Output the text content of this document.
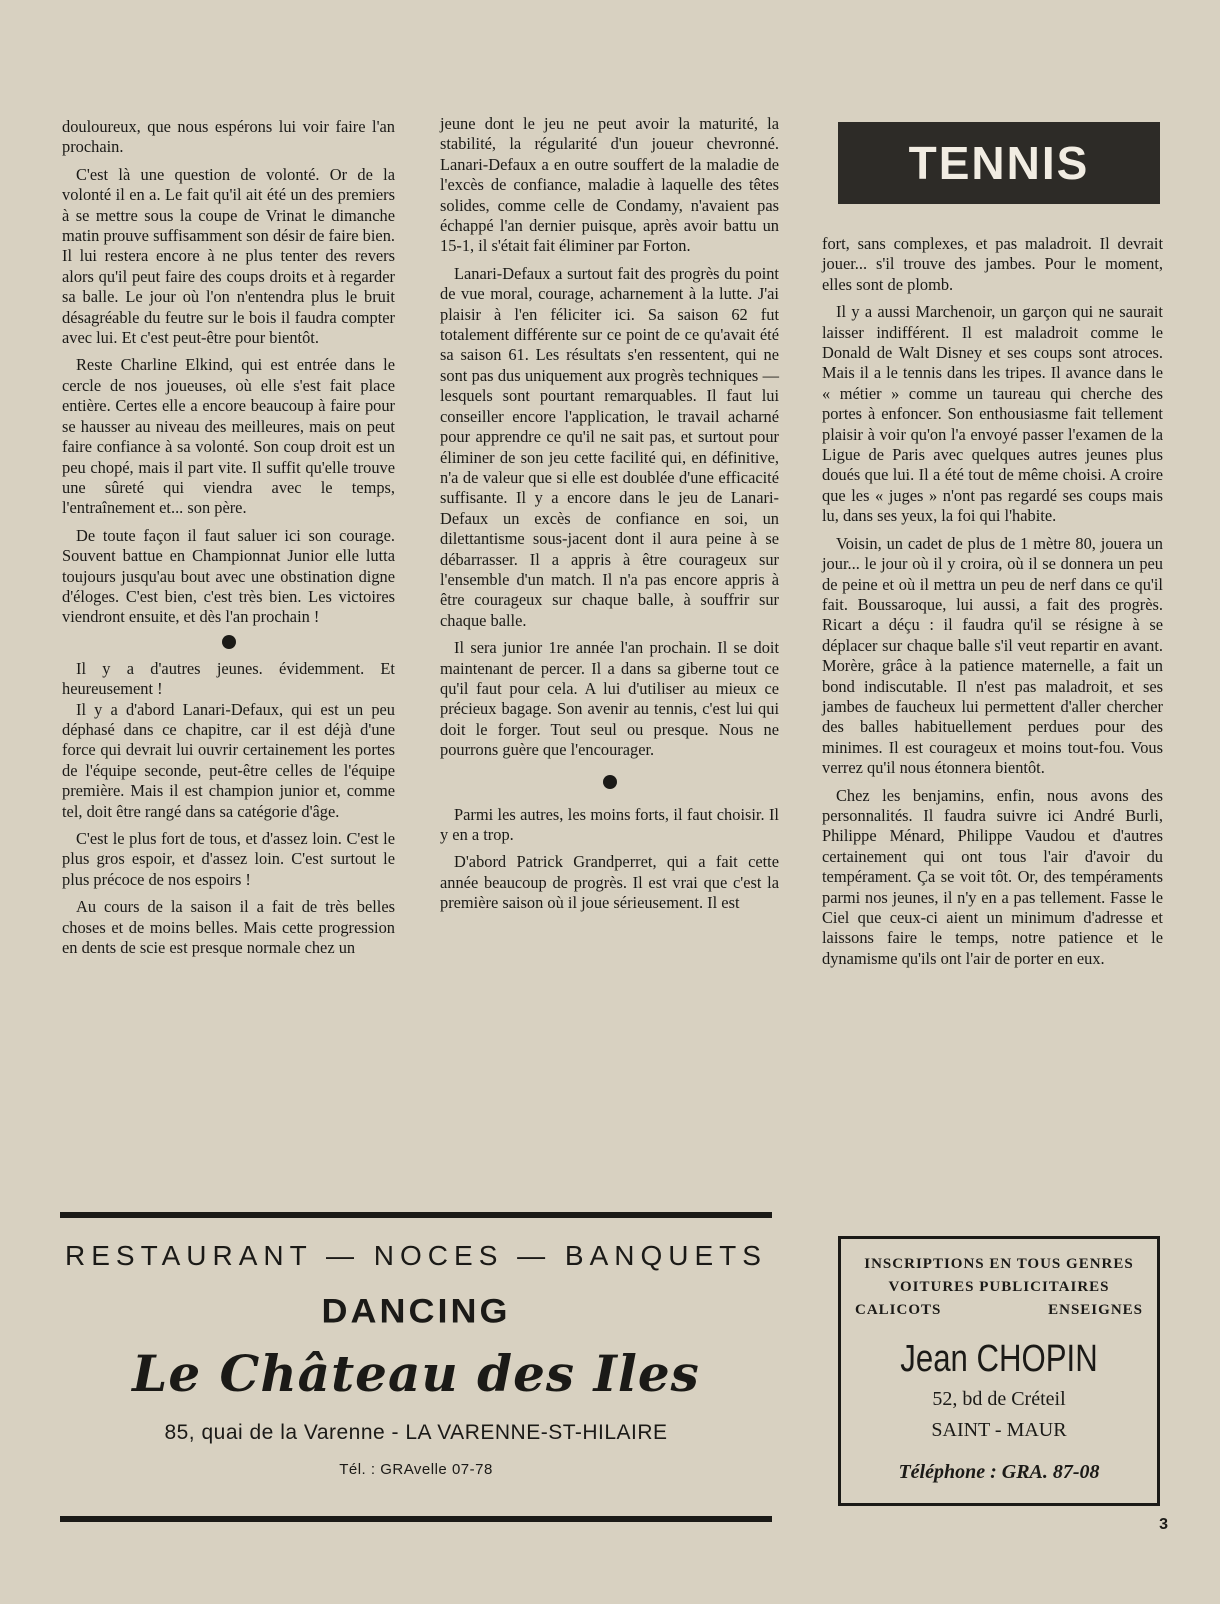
douloureux, que nous espérons lui voir faire l'an prochain.

C'est là une question de volonté. Or de la volonté il en a. Le fait qu'il ait été un des premiers à se mettre sous la coupe de Vrinat le dimanche matin prouve suffisamment son désir de faire bien. Il lui restera encore à ne plus tenter des revers alors qu'il peut faire des coups droits et à regarder sa balle. Le jour où l'on n'entendra plus le bruit désagréable du feutre sur le bois il faudra compter avec lui. Et c'est peut-être pour bientôt.

Reste Charline Elkind, qui est entrée dans le cercle de nos joueuses, où elle s'est fait place entière. Certes elle a encore beaucoup à faire pour se hausser au niveau des meilleures, mais on peut faire confiance à sa volonté. Son coup droit est un peu chopé, mais il part vite. Il suffit qu'elle trouve une sûreté qui viendra avec le temps, l'entraînement et... son père.

De toute façon il faut saluer ici son courage. Souvent battue en Championnat Junior elle lutta toujours jusqu'au bout avec une obstination digne d'éloges. C'est bien, c'est très bien. Les victoires viendront ensuite, et dès l'an prochain !

Il y a d'autres jeunes. évidemment. Et heureusement !

Il y a d'abord Lanari-Defaux, qui est un peu déphasé dans ce chapitre, car il est déjà d'une force qui devrait lui ouvrir certainement les portes de l'équipe seconde, peut-être celles de l'équipe première. Mais il est champion junior et, comme tel, doit être rangé dans sa catégorie d'âge.

C'est le plus fort de tous, et d'assez loin. C'est le plus gros espoir, et d'assez loin. C'est surtout le plus précoce de nos espoirs !

Au cours de la saison il a fait de très belles choses et de moins belles. Mais cette progression en dents de scie est presque normale chez un

jeune dont le jeu ne peut avoir la maturité, la stabilité, la régularité d'un joueur chevronné. Lanari-Defaux a en outre souffert de la maladie de l'excès de confiance, maladie à laquelle des têtes solides, comme celle de Condamy, n'avaient pas échappé l'an dernier puisque, après avoir battu un 15-1, il s'était fait éliminer par Forton.

Lanari-Defaux a surtout fait des progrès du point de vue moral, courage, acharnement à la lutte. J'ai plaisir à l'en féliciter ici. Sa saison 62 fut totalement différente sur ce point de ce qu'avait été sa saison 61. Les résultats s'en ressentent, qui ne sont pas dus uniquement aux progrès techniques — lesquels sont pourtant remarquables. Il faut lui conseiller encore l'application, le travail acharné pour apprendre ce qu'il ne sait pas, et surtout pour éliminer de son jeu cette facilité qui, en définitive, n'a de valeur que si elle est doublée d'une efficacité suffisante. Il y a encore dans le jeu de Lanari-Defaux un excès de confiance en soi, un dilettantisme sous-jacent dont il aura peine à se débarrasser. Il a appris à être courageux sur l'ensemble d'un match. Il n'a pas encore appris à être courageux sur chaque balle, à souffrir sur chaque balle.

Il sera junior 1re année l'an prochain. Il se doit maintenant de percer. Il a dans sa giberne tout ce qu'il faut pour cela. A lui d'utiliser au mieux ce précieux bagage. Son avenir au tennis, c'est lui qui doit le forger. Tout seul ou presque. Nous ne pourrons guère que l'encourager.

Parmi les autres, les moins forts, il faut choisir. Il y en a trop.

D'abord Patrick Grandperret, qui a fait cette année beaucoup de progrès. Il est vrai que c'est la première saison où il joue sérieusement. Il est

TENNIS

fort, sans complexes, et pas maladroit. Il devrait jouer... s'il trouve des jambes. Pour le moment, elles sont de plomb.

Il y a aussi Marchenoir, un garçon qui ne saurait laisser indifférent. Il est maladroit comme le Donald de Walt Disney et ses coups sont atroces. Mais il a le tennis dans les tripes. Il avance dans le « métier » comme un taureau qui cherche des portes à enfoncer. Son enthousiasme fait tellement plaisir à voir qu'on l'a envoyé passer l'examen de la Ligue de Paris avec quelques autres jeunes plus doués que lui. Il a été tout de même choisi. A croire que les « juges » n'ont pas regardé ses coups mais lu, dans ses yeux, la foi qui l'habite.

Voisin, un cadet de plus de 1 mètre 80, jouera un jour... le jour où il y croira, où il se donnera un peu de peine et où il mettra un peu de nerf dans ce qu'il fait. Boussaroque, lui aussi, a fait des progrès. Ricart a déçu : il faudra qu'il se résigne à se déplacer sur chaque balle s'il veut repartir en avant. Morère, grâce à la patience maternelle, a fait un bond indiscutable. Il n'est pas maladroit, et ses jambes de faucheux lui permettent d'aller chercher des balles habituellement perdues pour des minimes. Il est courageux et moins tout-fou. Vous verrez qu'il nous étonnera bientôt.

Chez les benjamins, enfin, nous avons des personnalités. Il faudra suivre ici André Burli, Philippe Ménard, Philippe Vaudou et d'autres certainement qui ont tous l'air d'avoir du tempérament. Ça se voit tôt. Or, des tempéraments parmi nos jeunes, il n'y en a pas tellement. Fasse le Ciel que ceux-ci aient un minimum d'adresse et laissons faire le temps, notre patience et le dynamisme qu'ils ont l'air de porter en eux.

RESTAURANT — NOCES — BANQUETS
DANCING
Le Château des Iles
85, quai de la Varenne - LA VARENNE-ST-HILAIRE
Tél. : GRAvelle 07-78
INSCRIPTIONS EN TOUS GENRES
VOITURES PUBLICITAIRES
CALICOTS	ENSEIGNES
Jean CHOPIN
52, bd de Créteil
SAINT - MAUR
Téléphone : GRA. 87-08
3
